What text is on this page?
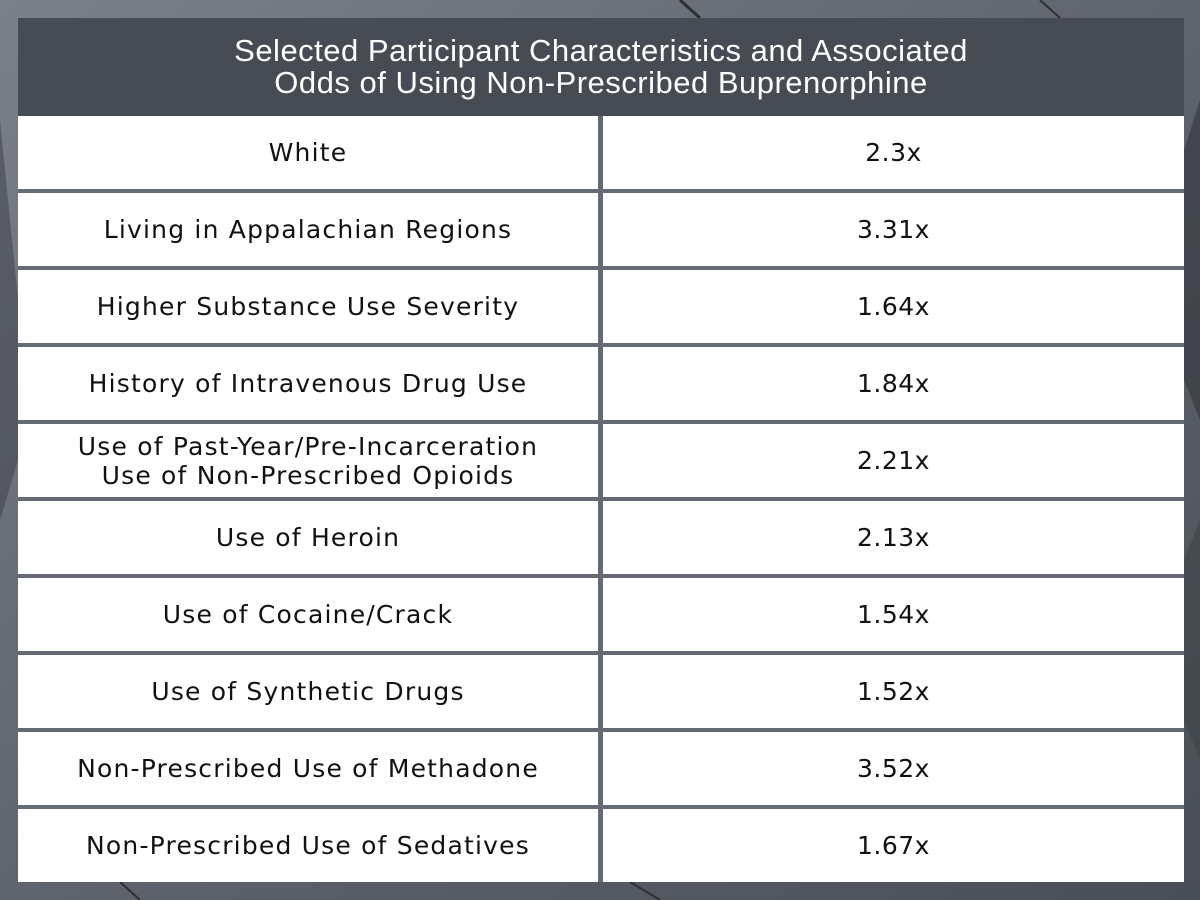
Selected Participant Characteristics and Associated
Odds of Using Non-Prescribed Buprenorphine
White	2.3x
Living in Appalachian Regions	3.31x
Higher Substance Use Severity	1.64x
History of Intravenous Drug Use	1.84x
Use of Past-Year/Pre-Incarceration
Use of Non-Prescribed Opioids	2.21x
Use of Heroin	2.13x
Use of Cocaine/Crack	1.54x
Use of Synthetic Drugs	1.52x
Non-Prescribed Use of Methadone	3.52x
Non-Prescribed Use of Sedatives	1.67x
